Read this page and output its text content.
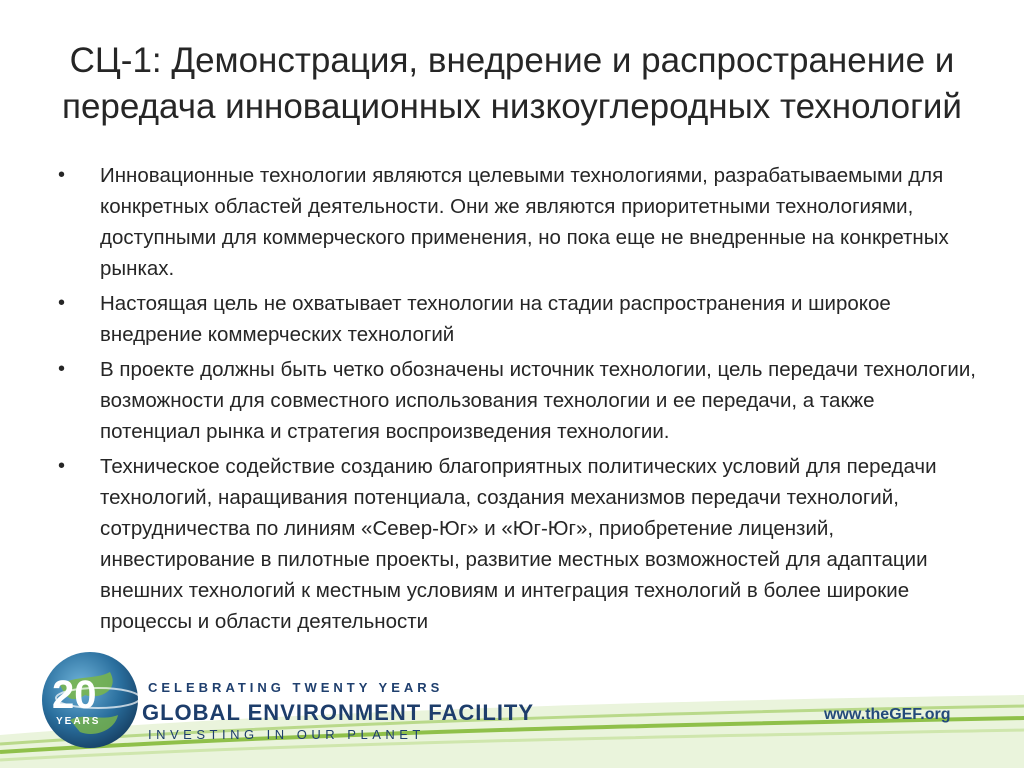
СЦ-1: Демонстрация, внедрение и распространение и передача инновационных низкоуглеродных технологий
• Инновационные технологии являются целевыми технологиями, разрабатываемыми для конкретных областей деятельности. Они же являются приоритетными технологиями, доступными для коммерческого применения, но пока еще не внедренные на конкретных рынках.
• Настоящая цель не охватывает технологии на стадии распространения и широкое внедрение коммерческих технологий
• В проекте должны быть четко обозначены источник технологии, цель передачи технологии, возможности для совместного использования технологии и ее передачи, а также потенциал рынка и стратегия воспроизведения технологии.
• Техническое содействие созданию благоприятных политических условий для передачи технологий, наращивания потенциала, создания механизмов передачи технологий, сотрудничества по линиям «Север-Юг» и «Юг-Юг», приобретение лицензий, инвестирование в пилотные проекты, развитие местных возможностей для адаптации внешних технологий к местным условиям и интеграция технологий в более широкие процессы и области деятельности
20
YEARS
CELEBRATING TWENTY YEARS
GLOBAL ENVIRONMENT FACILITY
INVESTING IN OUR PLANET
www.theGEF.org
